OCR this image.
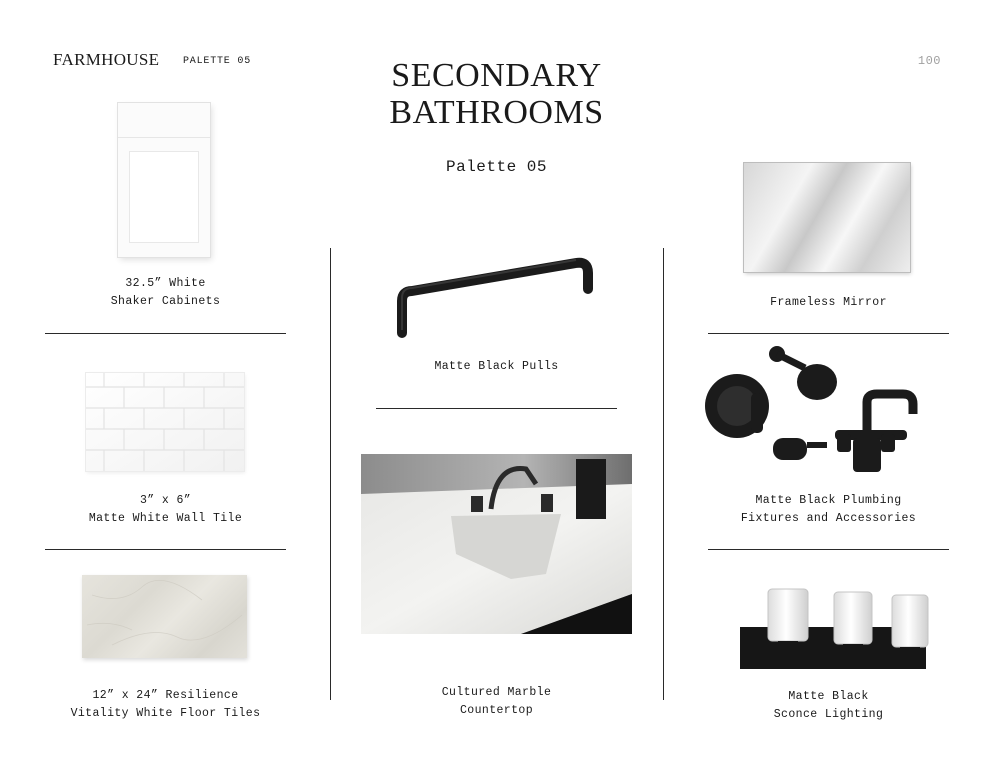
FARMHOUSE PALETTE 05	100
SECONDARY
BATHROOMS
Palette 05
32.5” White
Shaker Cabinets
3” x 6”
Matte White Wall Tile
12” x 24” Resilience
Vitality White Floor Tiles
Matte Black Pulls
Cultured Marble
Countertop
Frameless Mirror
Matte Black Plumbing
Fixtures and Accessories
Matte Black
Sconce Lighting
